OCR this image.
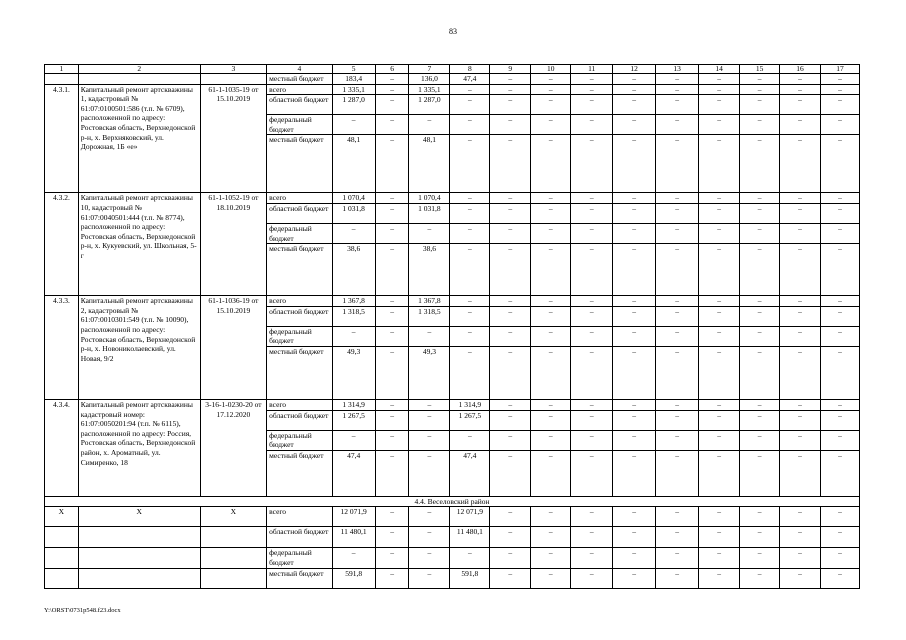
83
1	2	3	4	5	6	7	8	9	10	11	12	13	14	15	16	17
			местный бюджет	183,4	–	136,0	47,4	–	–	–	–	–	–	–	–	–
4.3.1.	Капитальный ремонт артскважины 1, кадастровый № 61:07:0100501:586 (т.п. № 6709), расположенной по адресу: Ростовская область, Верхнедонской р-н, х. Верхняковский, ул. Дорожная, 1Б «е»	61-1-1035-19 от 15.10.2019	всего	1 335,1	–	1 335,1	–	–	–	–	–	–	–	–	–	–
			областной бюджет	1 287,0	–	1 287,0	–	–	–	–	–	–	–	–	–	–
			федеральный бюджет	–	–	–	–	–	–	–	–	–	–	–	–	–
			местный бюджет	48,1	–	48,1	–	–	–	–	–	–	–	–	–	–
4.3.2.	Капитальный ремонт артскважины 10, кадастровый № 61:07:0040501:444 (т.п. № 8774), расположенной по адресу: Ростовская область, Верхнедонской р-н, х. Кукуевский, ул. Школьная, 5-г	61-1-1052-19 от 18.10.2019	всего	1 070,4	–	1 070,4	–	–	–	–	–	–	–	–	–	–
			областной бюджет	1 031,8	–	1 031,8	–	–	–	–	–	–	–	–	–	–
			федеральный бюджет	–	–	–	–	–	–	–	–	–	–	–	–	–
			местный бюджет	38,6	–	38,6	–	–	–	–	–	–	–	–	–	–
4.3.3.	Капитальный ремонт артскважины 2, кадастровый № 61:07:0010301:549 (т.п. № 10090), расположенной по адресу: Ростовская область, Верхнедонской р-н, х. Новоникoлаевский, ул. Новая, 9/2	61-1-1036-19 от 15.10.2019	всего	1 367,8	–	1 367,8	–	–	–	–	–	–	–	–	–	–
			областной бюджет	1 318,5	–	1 318,5	–	–	–	–	–	–	–	–	–	–
			федеральный бюджет	–	–	–	–	–	–	–	–	–	–	–	–	–
			местный бюджет	49,3	–	49,3	–	–	–	–	–	–	–	–	–	–
4.3.4.	Капитальный ремонт артскважины кадастровый номер: 61:07:0050201:94 (т.п. № 6115), расположенной по адресу: Россия, Ростовская область, Верхнедонской район, х. Ароматный, ул. Симиренко, 18	3-16-1-0230-20 от 17.12.2020	всего	1 314,9	–	–	1 314,9	–	–	–	–	–	–	–	–	–
			областной бюджет	1 267,5	–	–	1 267,5	–	–	–	–	–	–	–	–	–
			федеральный бюджет	–	–	–	–	–	–	–	–	–	–	–	–	–
			местный бюджет	47,4	–	–	47,4	–	–	–	–	–	–	–	–	–
4.4. Веселовский район																
X	X	X	всего	12 071,9	–	–	12 071,9	–	–	–	–	–	–	–	–	–
			областной бюджет	11 480,1	–	–	11 480,1	–	–	–	–	–	–	–	–	–
			федеральный бюджет	–	–	–	–	–	–	–	–	–	–	–	–	–
			местный бюджет	591,8	–	–	591,8	–	–	–	–	–	–	–	–	–
Y:\ORST\0731p548.f23.docx
